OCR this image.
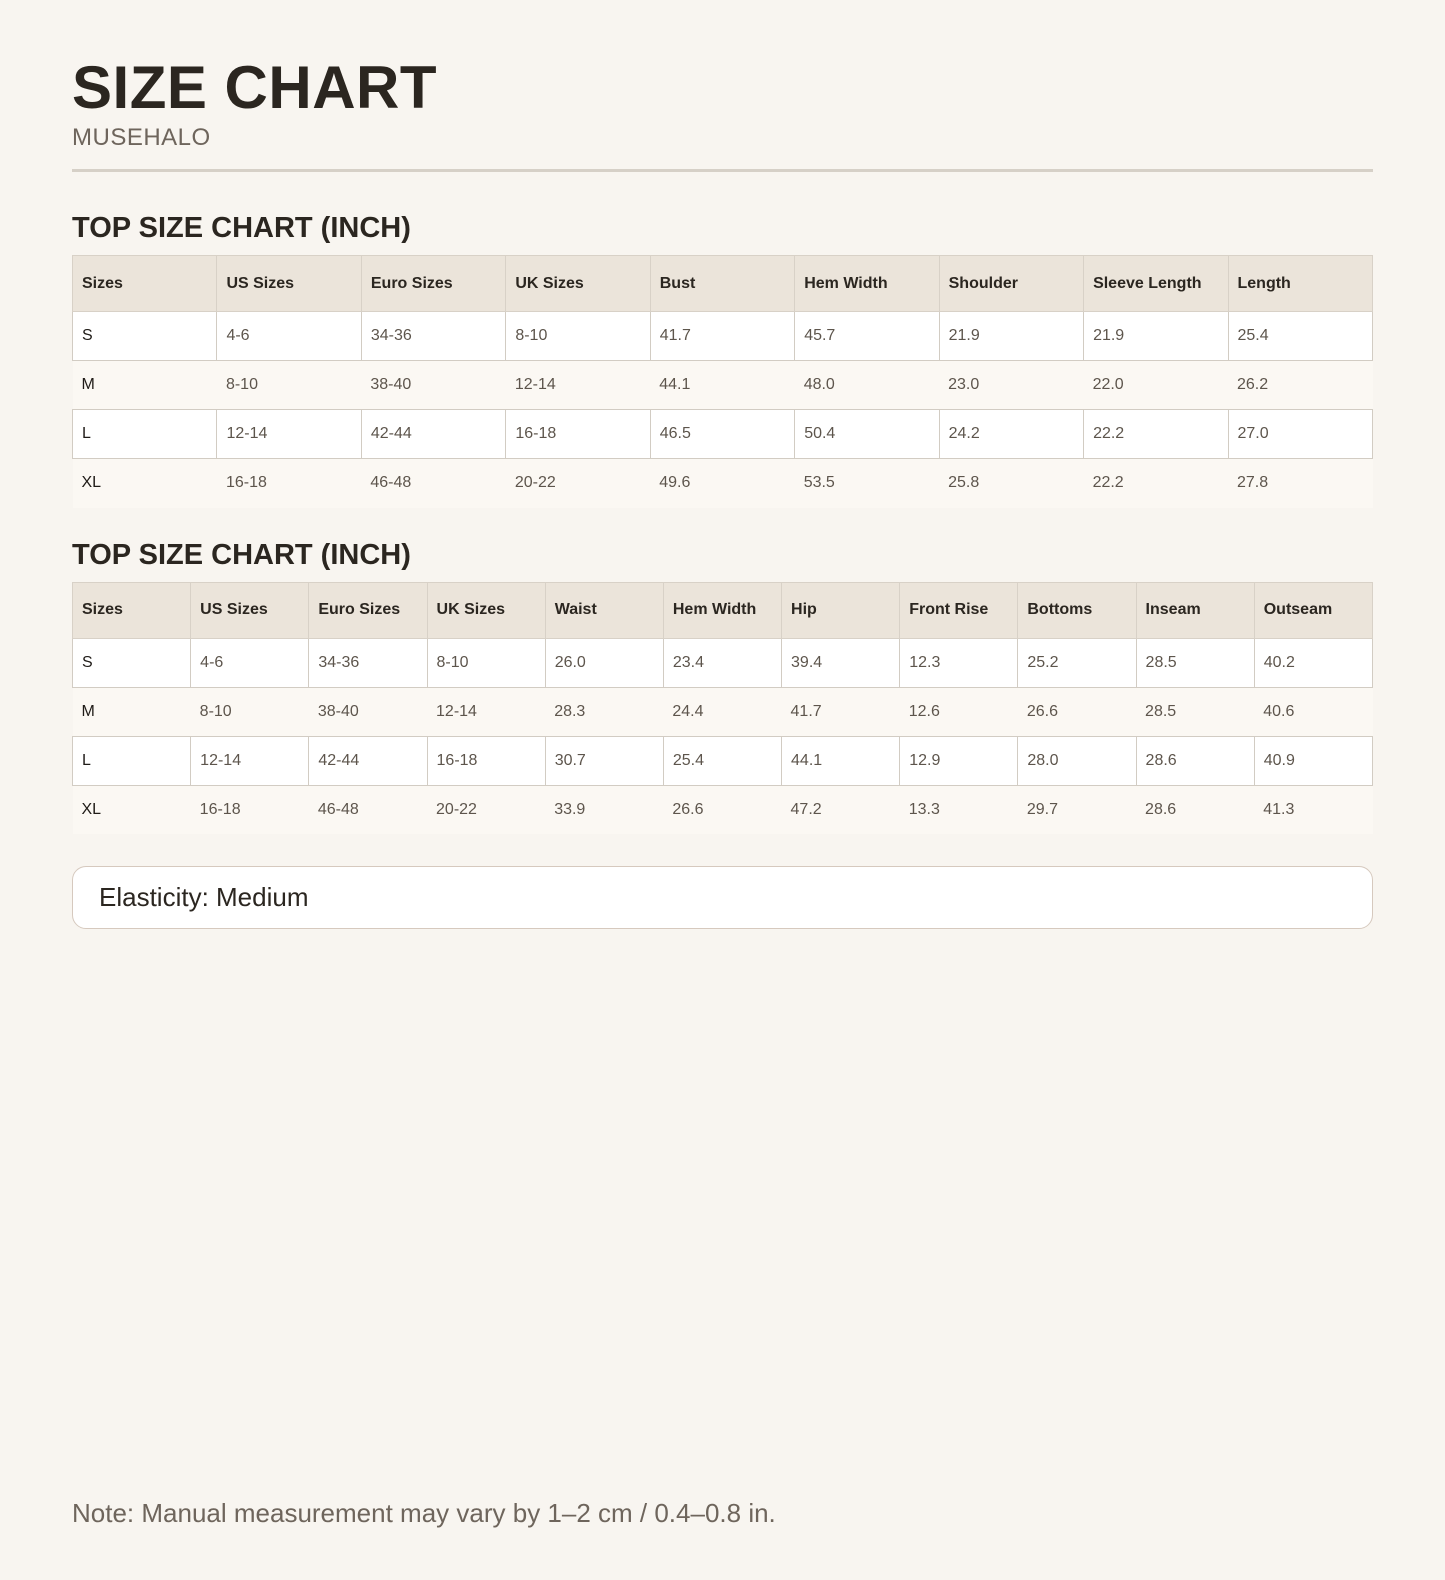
SIZE CHART
MUSEHALO
TOP SIZE CHART (INCH)
Sizes	US Sizes	Euro Sizes	UK Sizes	Bust	Hem Width	Shoulder	Sleeve Length	Length
S	4-6	34-36	8-10	41.7	45.7	21.9	21.9	25.4
M	8-10	38-40	12-14	44.1	48.0	23.0	22.0	26.2
L	12-14	42-44	16-18	46.5	50.4	24.2	22.2	27.0
XL	16-18	46-48	20-22	49.6	53.5	25.8	22.2	27.8
TOP SIZE CHART (INCH)
Sizes	US Sizes	Euro Sizes	UK Sizes	Waist	Hem Width	Hip	Front Rise	Bottoms	Inseam	Outseam
S	4-6	34-36	8-10	26.0	23.4	39.4	12.3	25.2	28.5	40.2
M	8-10	38-40	12-14	28.3	24.4	41.7	12.6	26.6	28.5	40.6
L	12-14	42-44	16-18	30.7	25.4	44.1	12.9	28.0	28.6	40.9
XL	16-18	46-48	20-22	33.9	26.6	47.2	13.3	29.7	28.6	41.3
Elasticity: Medium
Note: Manual measurement may vary by 1–2 cm / 0.4–0.8 in.
